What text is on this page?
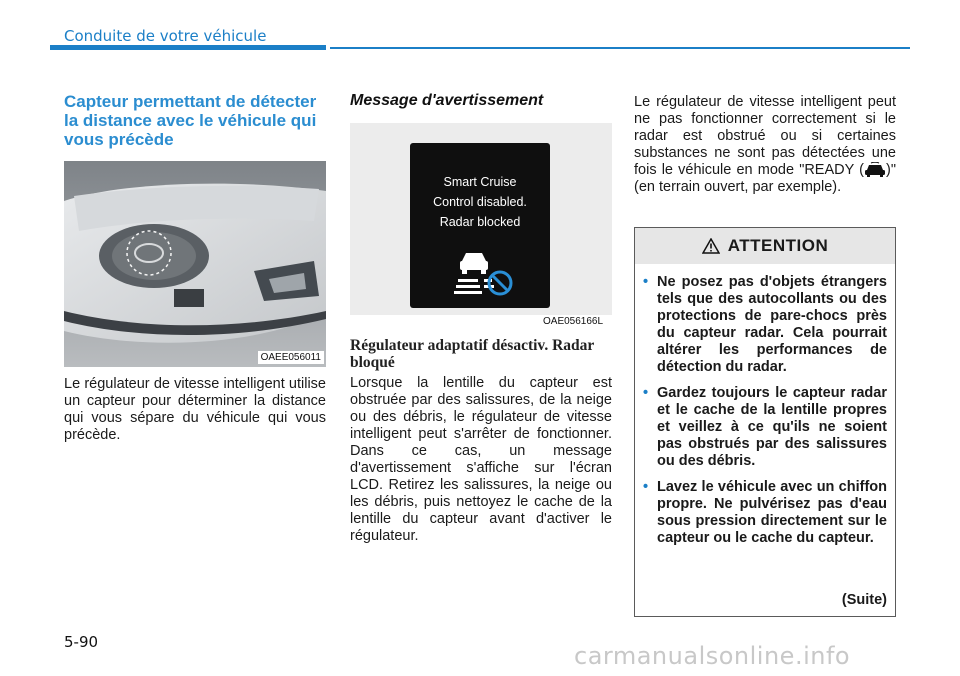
Conduite de votre véhicule
Capteur permettant de détecter la distance avec le véhicule qui vous précède
OAEE056011
Le régulateur de vitesse intelligent utilise un capteur pour déterminer la distance qui vous sépare du véhicule qui vous précède.
Message d'avertissement
Smart Cruise
Control disabled.
Radar blocked
OAE056166L
Régulateur adaptatif désactiv. Radar bloqué
Lorsque la lentille du capteur est obstruée par des salissures, de la neige ou des débris, le régulateur de vitesse intelligent peut s'arrêter de fonctionner. Dans ce cas, un message d'avertissement s'affiche sur l'écran LCD. Retirez les salissures, la neige ou les débris, puis nettoyez le cache de la lentille du capteur avant d'activer le régulateur.
Le régulateur de vitesse intelligent peut ne pas fonctionner correctement si le radar est obstrué ou si certaines substances ne sont pas détectées une fois le véhicule en mode "READY ( )" (en terrain ouvert, par exemple).
ATTENTION
• Ne posez pas d'objets étrangers tels que des autocollants ou des protections de pare-chocs près du capteur radar. Cela pourrait altérer les performances de détection du radar.
• Gardez toujours le capteur radar et le cache de la lentille propres et veillez à ce qu'ils ne soient pas obstrués par des salissures ou des débris.
• Lavez le véhicule avec un chiffon propre. Ne pulvérisez pas d'eau sous pression directement sur le capteur ou le cache du capteur.
(Suite)
5-90	carmanualsonline.info
